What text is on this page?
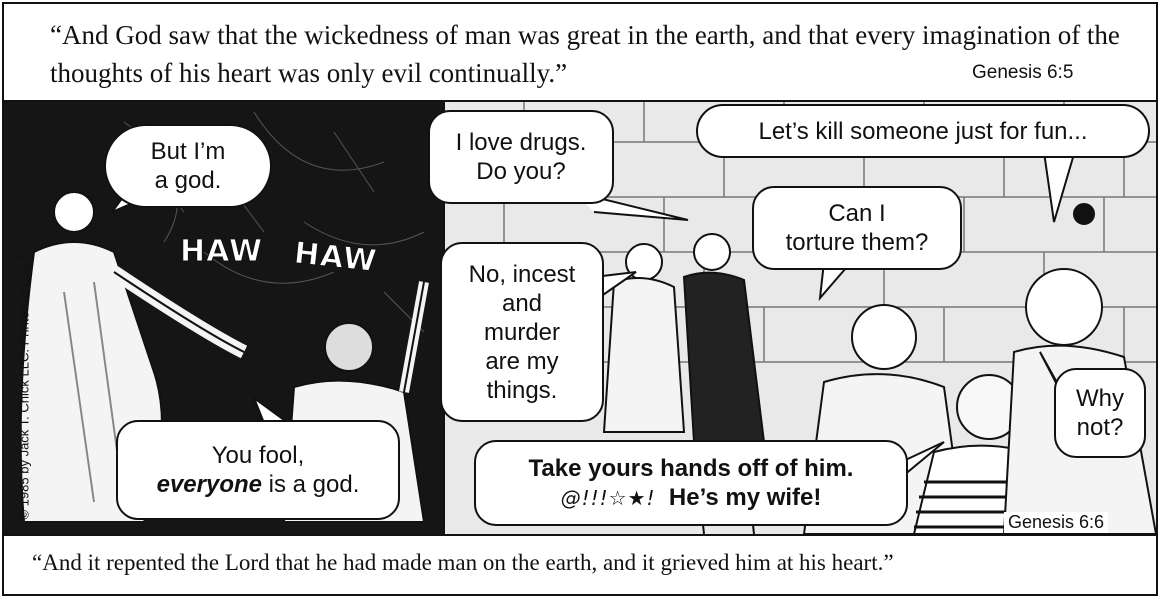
“And God saw that the wickedness of man was great in the earth, and that every imagination of the thoughts of his heart was only evil continually.”	Genesis 6:5
© 1985 by Jack T. Chick LLC. Printed in U.S.A.	HAW HAW
But I’m
a god.
You fool,
everyone is a god.
I love drugs.
Do you?
No, incest
and
murder
are my
things.
Let’s kill someone just for fun...
Can I
torture them?
Why
not?
Take yours hands off of him.
@!!!☆★! He’s my wife!
Genesis 6:6
“And it repented the Lord that he had made man on the earth, and it grieved him at his heart.”
